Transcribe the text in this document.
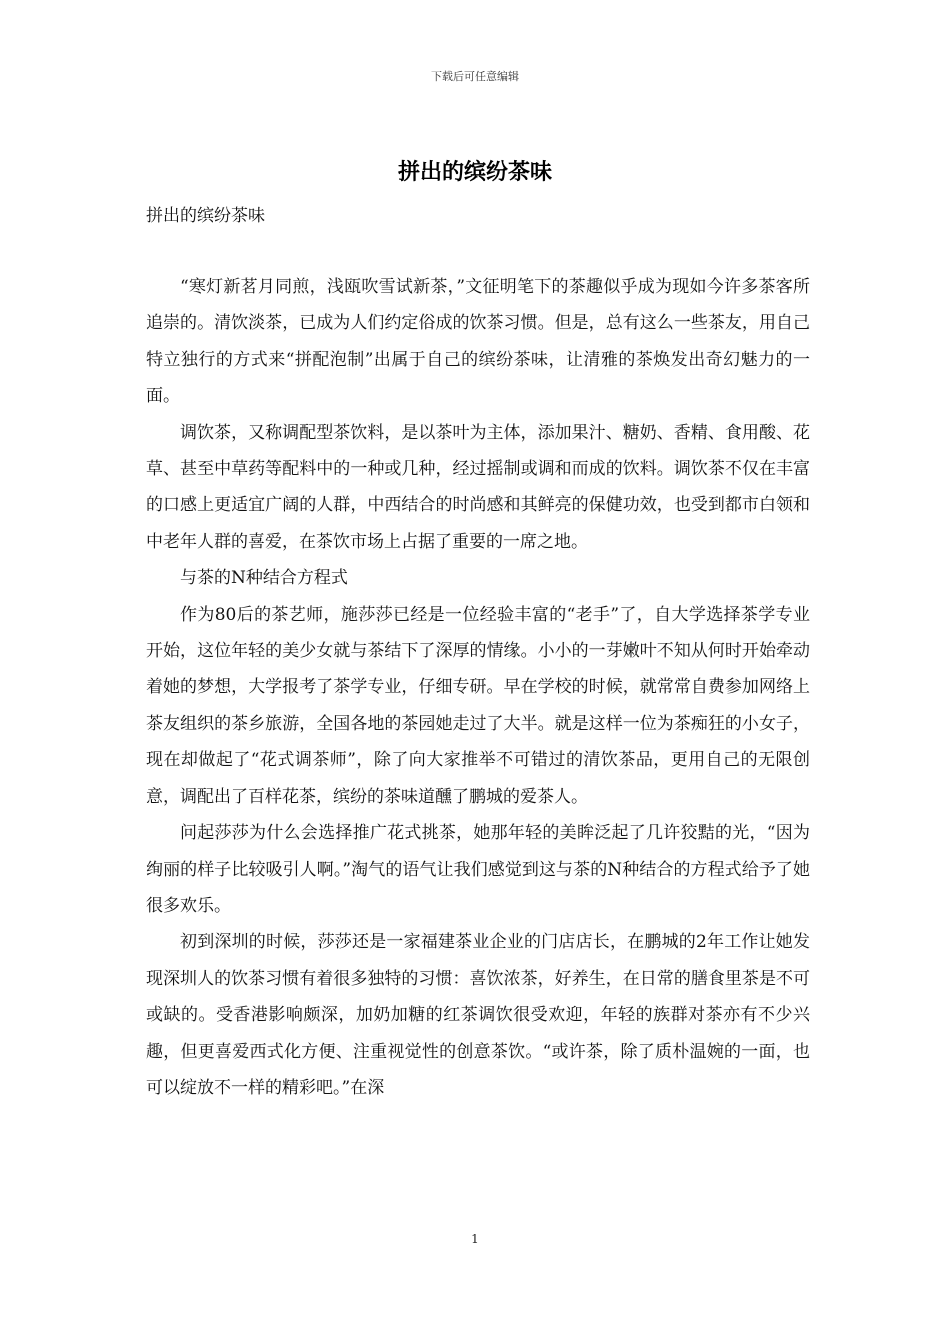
下载后可任意编辑
拼出的缤纷茶味
拼出的缤纷茶味

“寒灯新茗月同煎，浅瓯吹雪试新茶，”文征明笔下的茶趣似乎成为现如今许多茶客所追崇的。清饮淡茶，已成为人们约定俗成的饮茶习惯。但是，总有这么一些茶友，用自己特立独行的方式来“拼配泡制”出属于自己的缤纷茶味，让清雅的茶焕发出奇幻魅力的一面。

调饮茶，又称调配型茶饮料，是以茶叶为主体，添加果汁、糖奶、香精、食用酸、花草、甚至中草药等配料中的一种或几种，经过摇制或调和而成的饮料。调饮茶不仅在丰富的口感上更适宜广阔的人群，中西结合的时尚感和其鲜亮的保健功效，也受到都市白领和中老年人群的喜爱，在茶饮市场上占据了重要的一席之地。

与茶的N种结合方程式

作为80后的茶艺师，施莎莎已经是一位经验丰富的“老手”了，自大学选择茶学专业开始，这位年轻的美少女就与茶结下了深厚的情缘。小小的一芽嫩叶不知从何时开始牵动着她的梦想，大学报考了茶学专业，仔细专研。早在学校的时候，就常常自费参加网络上茶友组织的茶乡旅游，全国各地的茶园她走过了大半。就是这样一位为茶痴狂的小女子，现在却做起了“花式调茶师”，除了向大家推举不可错过的清饮茶品，更用自己的无限创意，调配出了百样花茶，缤纷的茶味道醺了鹏城的爱茶人。

问起莎莎为什么会选择推广花式挑茶，她那年轻的美眸泛起了几许狡黠的光，“因为绚丽的样子比较吸引人啊。”淘气的语气让我们感觉到这与茶的N种结合的方程式给予了她很多欢乐。

初到深圳的时候，莎莎还是一家福建茶业企业的门店店长，在鹏城的2年工作让她发现深圳人的饮茶习惯有着很多独特的习惯：喜饮浓茶，好养生，在日常的膳食里茶是不可或缺的。受香港影响颇深，加奶加糖的红茶调饮很受欢迎，年轻的族群对茶亦有不少兴趣，但更喜爱西式化方便、注重视觉性的创意茶饮。“或许茶，除了质朴温婉的一面，也可以绽放不一样的精彩吧。”在深

1
